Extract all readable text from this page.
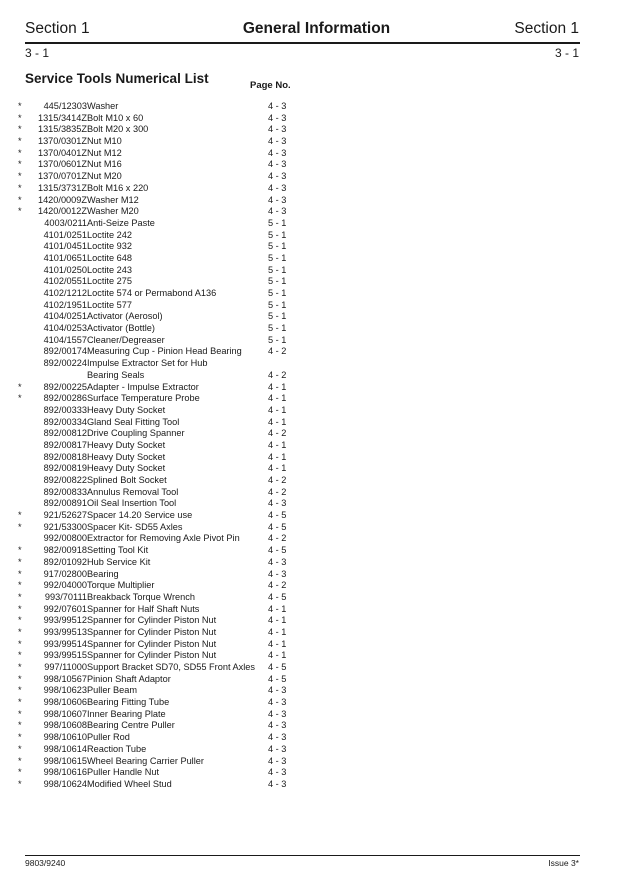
Section 1	General Information	Section 1
3 - 1	3 - 1
Service Tools Numerical List	Page No.
*	445/12303 Washer	4 - 3
*	1315/3414Z Bolt M10 x 60	4 - 3
*	1315/3835Z Bolt M20 x 300	4 - 3
*	1370/0301Z Nut M10	4 - 3
*	1370/0401Z Nut M12	4 - 3
*	1370/0601Z Nut M16	4 - 3
*	1370/0701Z Nut M20	4 - 3
*	1315/3731Z Bolt M16 x 220	4 - 3
*	1420/0009Z Washer M12	4 - 3
*	1420/0012Z Washer M20	4 - 3
4003/0211 Anti-Seize Paste	5 - 1
4101/0251 Loctite 242	5 - 1
4101/0451 Loctite 932	5 - 1
4101/0651 Loctite 648	5 - 1
4101/0250 Loctite 243	5 - 1
4102/0551 Loctite 275	5 - 1
4102/1212 Loctite 574 or Permabond A136	5 - 1
4102/1951 Loctite 577	5 - 1
4104/0251 Activator (Aerosol)	5 - 1
4104/0253 Activator (Bottle)	5 - 1
4104/1557 Cleaner/Degreaser	5 - 1
892/00174 Measuring Cup - Pinion Head Bearing	4 - 2
892/00224 Impulse Extractor Set for Hub
Bearing Seals	4 - 2
*	892/00225 Adapter - Impulse Extractor	4 - 1
*	892/00286 Surface Temperature Probe	4 - 1
892/00333 Heavy Duty Socket	4 - 1
892/00334 Gland Seal Fitting Tool	4 - 1
892/00812 Drive Coupling Spanner	4 - 2
892/00817 Heavy Duty Socket	4 - 1
892/00818 Heavy Duty Socket	4 - 1
892/00819 Heavy Duty Socket	4 - 1
892/00822 Splined Bolt Socket	4 - 2
892/00833 Annulus Removal Tool	4 - 2
892/00891 Oil Seal Insertion Tool	4 - 3
*	921/52627 Spacer 14.20 Service use	4 - 5
*	921/53300 Spacer Kit- SD55 Axles	4 - 5
992/00800 Extractor for Removing Axle Pivot Pin	4 - 2
*	982/00918 Setting Tool Kit	4 - 5
*	892/01092 Hub Service Kit	4 - 3
*	917/02800 Bearing	4 - 3
*	992/04000 Torque Multiplier	4 - 2
*	993/70111 Breakback Torque Wrench	4 - 5
*	992/07601 Spanner for Half Shaft Nuts	4 - 1
*	993/99512 Spanner for Cylinder Piston Nut	4 - 1
*	993/99513 Spanner for Cylinder Piston Nut	4 - 1
*	993/99514 Spanner for Cylinder Piston Nut	4 - 1
*	993/99515 Spanner for Cylinder Piston Nut	4 - 1
*	997/11000 Support Bracket SD70, SD55 Front Axles 4 - 5
*	998/10567 Pinion Shaft Adaptor	4 - 5
*	998/10623 Puller Beam	4 - 3
*	998/10606 Bearing Fitting Tube	4 - 3
*	998/10607 Inner Bearing Plate	4 - 3
*	998/10608 Bearing Centre Puller	4 - 3
*	998/10610 Puller Rod	4 - 3
*	998/10614 Reaction Tube	4 - 3
*	998/10615 Wheel Bearing Carrier Puller	4 - 3
*	998/10616 Puller Handle Nut	4 - 3
*	998/10624 Modified Wheel Stud	4 - 3
9803/9240	Issue 3*
